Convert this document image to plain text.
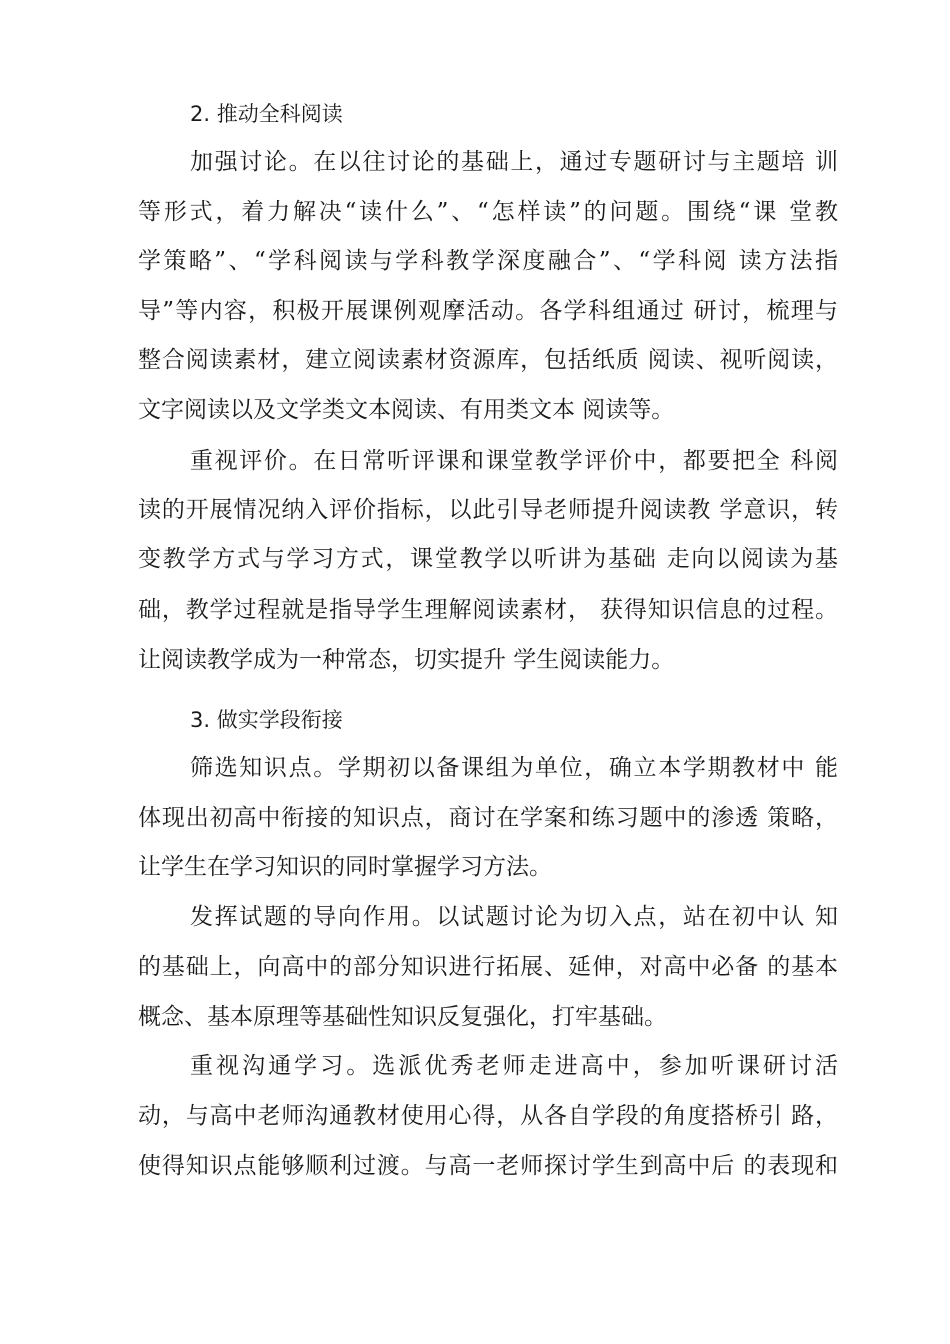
2. 推动全科阅读
加强讨论。在以往讨论的基础上，通过专题研讨与主题培 训
等形式，着力解决“读什么”、“怎样读”的问题。围绕“课 堂教
学策略”、“学科阅读与学科教学深度融合”、“学科阅 读方法指
导”等内容，积极开展课例观摩活动。各学科组通过 研讨，梳理与
整合阅读素材，建立阅读素材资源库，包括纸质 阅读、视听阅读，
文字阅读以及文学类文本阅读、有用类文本 阅读等。
重视评价。在日常听评课和课堂教学评价中，都要把全 科阅
读的开展情况纳入评价指标，以此引导老师提升阅读教 学意识，转
变教学方式与学习方式，课堂教学以听讲为基础 走向以阅读为基
础，教学过程就是指导学生理解阅读素材， 获得知识信息的过程。
让阅读教学成为一种常态，切实提升 学生阅读能力。
3. 做实学段衔接
筛选知识点。学期初以备课组为单位，确立本学期教材中 能
体现出初高中衔接的知识点，商讨在学案和练习题中的渗透 策略，
让学生在学习知识的同时掌握学习方法。
发挥试题的导向作用。以试题讨论为切入点，站在初中认 知
的基础上，向高中的部分知识进行拓展、延伸，对高中必备 的基本
概念、基本原理等基础性知识反复强化，打牢基础。
重视沟通学习。选派优秀老师走进高中，参加听课研讨活
动，与高中老师沟通教材使用心得，从各自学段的角度搭桥引 路，
使得知识点能够顺利过渡。与高一老师探讨学生到高中后 的表现和
